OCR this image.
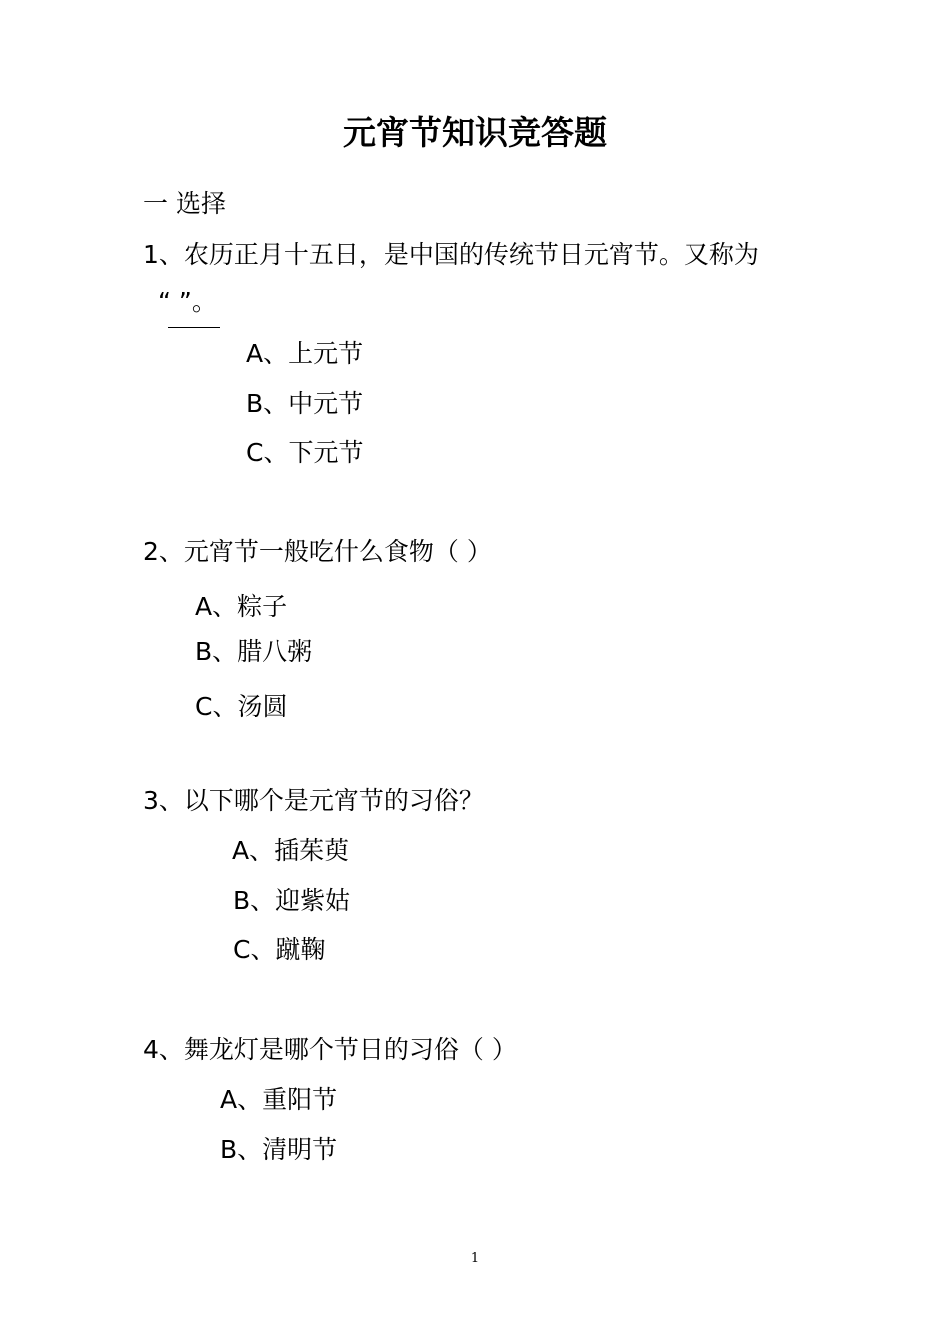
元宵节知识竞答题
一 选择
1、农历正月十五日，是中国的传统节日元宵节。又称为
“ ”。
A、上元节
B、中元节
C、下元节
2、元宵节一般吃什么食物（ ）
A、粽子
B、腊八粥
C、汤圆
3、以下哪个是元宵节的习俗？
A、插茱萸
B、迎紫姑
C、蹴鞠
4、舞龙灯是哪个节日的习俗（ ）
A、重阳节
B、清明节
1
